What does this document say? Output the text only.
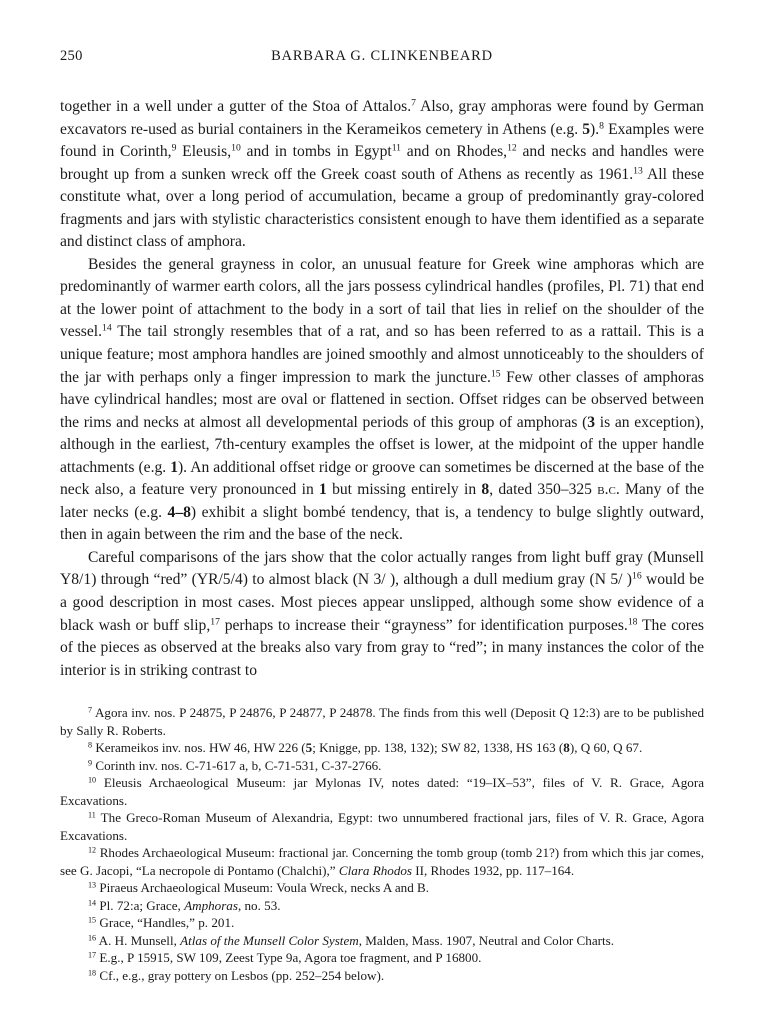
250	BARBARA G. CLINKENBEARD

together in a well under a gutter of the Stoa of Attalos.$^7$ Also, gray amphoras were found by German excavators re-used as burial containers in the Kerameikos cemetery in Athens (e.g. 5).$^8$ Examples were found in Corinth,$^9$ Eleusis,$^{10}$ and in tombs in Egypt$^{11}$ and on Rhodes,$^{12}$ and necks and handles were brought up from a sunken wreck off the Greek coast south of Athens as recently as 1961.13 All these constitute what, over a long period of accumulation, became a group of predominantly gray-colored fragments and jars with stylistic characteristics consistent enough to have them identified as a separate and distinct class of amphora.

Besides the general grayness in color, an unusual feature for Greek wine amphoras which are predominantly of warmer earth colors, all the jars possess cylindrical handles (profiles, Pl. 71) that end at the lower point of attachment to the body in a sort of tail that lies in relief on the shoulder of the vessel.$^{14}$ The tail strongly resembles that of a rat, and so has been referred to as a rattail. This is a unique feature; most amphora handles are joined smoothly and almost unnoticeably to the shoulders of the jar with perhaps only a finger impression to mark the juncture.$^{15}$ Few other classes of amphoras have cylindrical handles; most are oval or flattened in section. Offset ridges can be observed between the rims and necks at almost all developmental periods of this group of amphoras (3 is an exception), although in the earliest, 7th-century examples the offset is lower, at the midpoint of the upper handle attachments (e.g. 1). An additional offset ridge or groove can sometimes be discerned at the base of the neck also, a feature very pronounced in 1 but missing entirely in 8, dated 350–325 b.c. Many of the later necks (e.g. 4–8) exhibit a slight bombé tendency, that is, a tendency to bulge slightly outward, then in again between the rim and the base of the neck.

Careful comparisons of the jars show that the color actually ranges from light buff gray (Munsell Y8/1) through “red” (YR/5/4) to almost black (N 3/ ), although a dull medium gray (N 5/ )$^{16}$ would be a good description in most cases. Most pieces appear unslipped, although some show evidence of a black wash or buff slip,$^{17}$ perhaps to increase their “grayness” for identification purposes.$^{18}$ The cores of the pieces as observed at the breaks also vary from gray to “red”; in many instances the color of the interior is in striking contrast to

$^7$ Agora inv. nos. P 24875, P 24876, P 24877, P 24878. The finds from this well (Deposit Q 12:3) are to be published by Sally R. Roberts.

$^8$ Kerameikos inv. nos. HW 46, HW 226 (5; Knigge, pp. 138, 132); SW 82, 1338, HS 163 (8), Q 60, Q 67.

$^9$ Corinth inv. nos. C-71-617 a, b, C-71-531, C-37-2766.

$^{10}$ Eleusis Archaeological Museum: jar Mylonas IV, notes dated: “19–IX–53”, files of V. R. Grace, Agora Excavations.

$^{11}$ The Greco-Roman Museum of Alexandria, Egypt: two unnumbered fractional jars, files of V. R. Grace, Agora Excavations.

$^{12}$ Rhodes Archaeological Museum: fractional jar. Concerning the tomb group (tomb 21?) from which this jar comes, see G. Jacopi, “La necropole di Pontamo (Chalchi),” Clara Rhodos II, Rhodes 1932, pp. 117–164.

$^{13}$ Piraeus Archaeological Museum: Voula Wreck, necks A and B.

$^{14}$ Pl. 72:a; Grace, Amphoras, no. 53.

$^{15}$ Grace, “Handles,” p. 201.

$^{16}$ A. H. Munsell, Atlas of the Munsell Color System, Malden, Mass. 1907, Neutral and Color Charts.

$^{17}$ E.g., P 15915, SW 109, Zeest Type 9a, Agora toe fragment, and P 16800.

$^{18}$ Cf., e.g., gray pottery on Lesbos (pp. 252–254 below).
